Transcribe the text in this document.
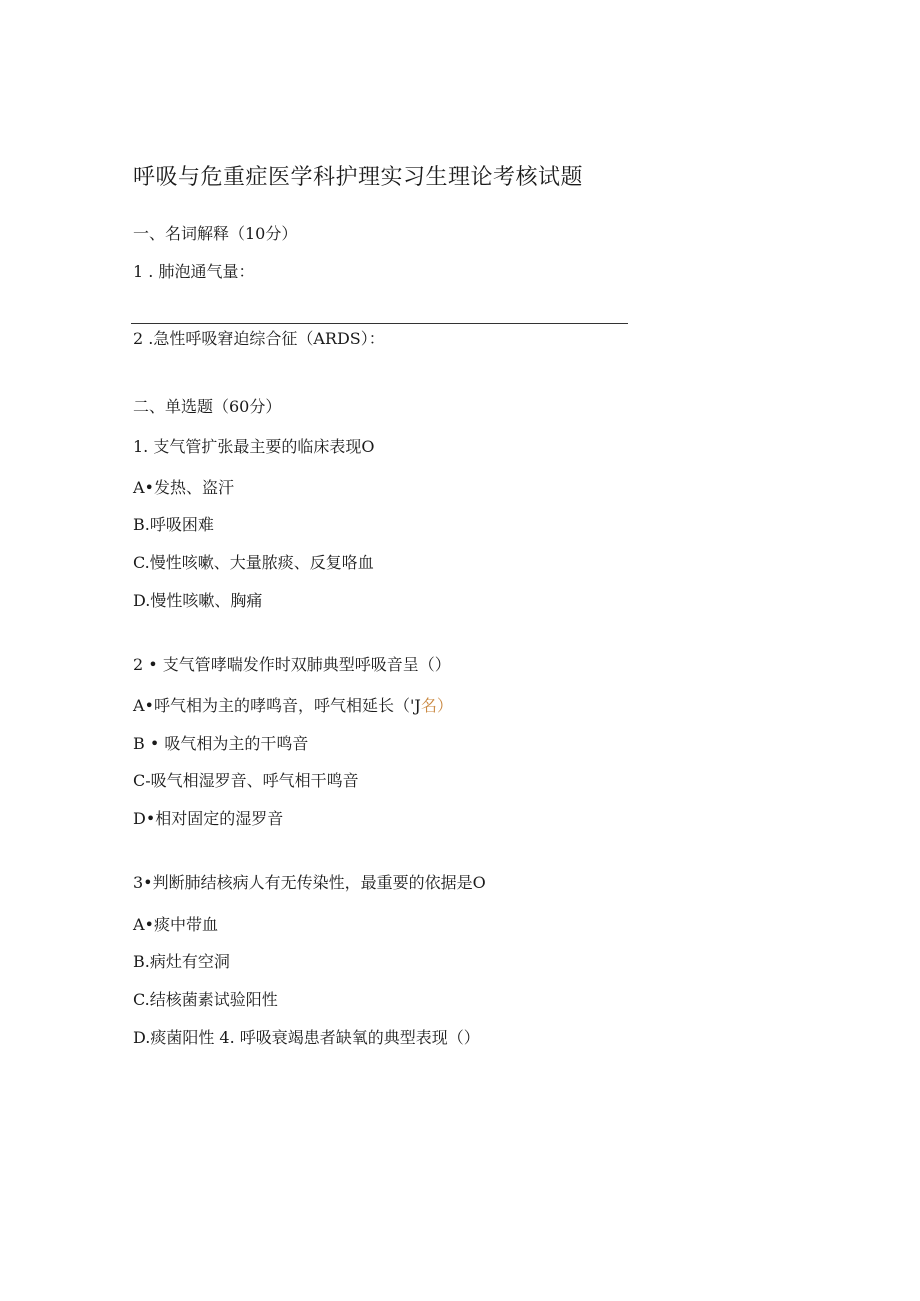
呼吸与危重症医学科护理实习生理论考核试题
一、名词解释（10分）
1 . 肺泡通气量：
2 .急性呼吸窘迫综合征（ARDS）：
二、单选题（60分）
1. 支气管扩张最主要的临床表现O
A•发热、盗汗
B.呼吸困难
C.慢性咳嗽、大量脓痰、反复咯血
D.慢性咳嗽、胸痛
2 • 支气管哮喘发作时双肺典型呼吸音呈（）
A•呼气相为主的哮鸣音，呼气相延长（'J名）
B • 吸气相为主的干鸣音
C-吸气相湿罗音、呼气相干鸣音
D•相对固定的湿罗音
3•判断肺结核病人有无传染性，最重要的依据是O
A•痰中带血
B.病灶有空洞
C.结核菌素试验阳性
D.痰菌阳性 4. 呼吸衰竭患者缺氧的典型表现（）
